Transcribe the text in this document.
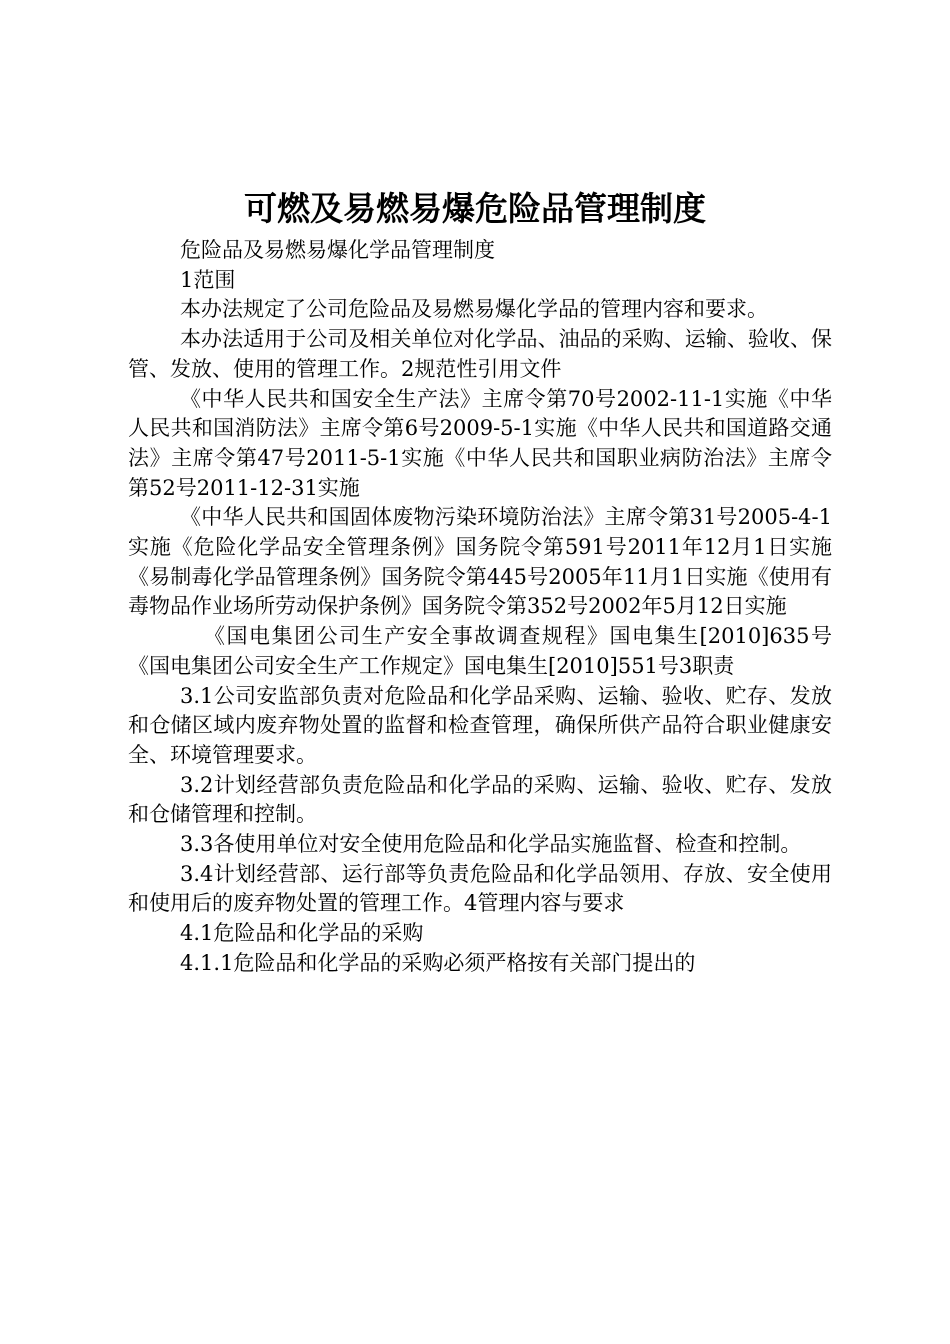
可燃及易燃易爆危险品管理制度

危险品及易燃易爆化学品管理制度

1范围

本办法规定了公司危险品及易燃易爆化学品的管理内容和要求。

本办法适用于公司及相关单位对化学品、油品的采购、运输、验收、保管、发放、使用的管理工作。2规范性引用文件

《中华人民共和国安全生产法》主席令第70号2002-11-1实施《中华人民共和国消防法》主席令第6号2009-5-1实施《中华人民共和国道路交通法》主席令第47号2011-5-1实施《中华人民共和国职业病防治法》主席令第52号2011-12-31实施

《中华人民共和国固体废物污染环境防治法》主席令第31号2005-4-1实施《危险化学品安全管理条例》国务院令第591号2011年12月1日实施《易制毒化学品管理条例》国务院令第445号2005年11月1日实施《使用有毒物品作业场所劳动保护条例》国务院令第352号2002年5月12日实施

《国电集团公司生产安全事故调查规程》国电集生[2010]635号《国电集团公司安全生产工作规定》国电集生[2010]551号3职责

3.1公司安监部负责对危险品和化学品采购、运输、验收、贮存、发放和仓储区域内废弃物处置的监督和检查管理，确保所供产品符合职业健康安全、环境管理要求。

3.2计划经营部负责危险品和化学品的采购、运输、验收、贮存、发放和仓储管理和控制。

3.3各使用单位对安全使用危险品和化学品实施监督、检查和控制。

3.4计划经营部、运行部等负责危险品和化学品领用、存放、安全使用和使用后的废弃物处置的管理工作。4管理内容与要求

4.1危险品和化学品的采购

4.1.1危险品和化学品的采购必须严格按有关部门提出的
